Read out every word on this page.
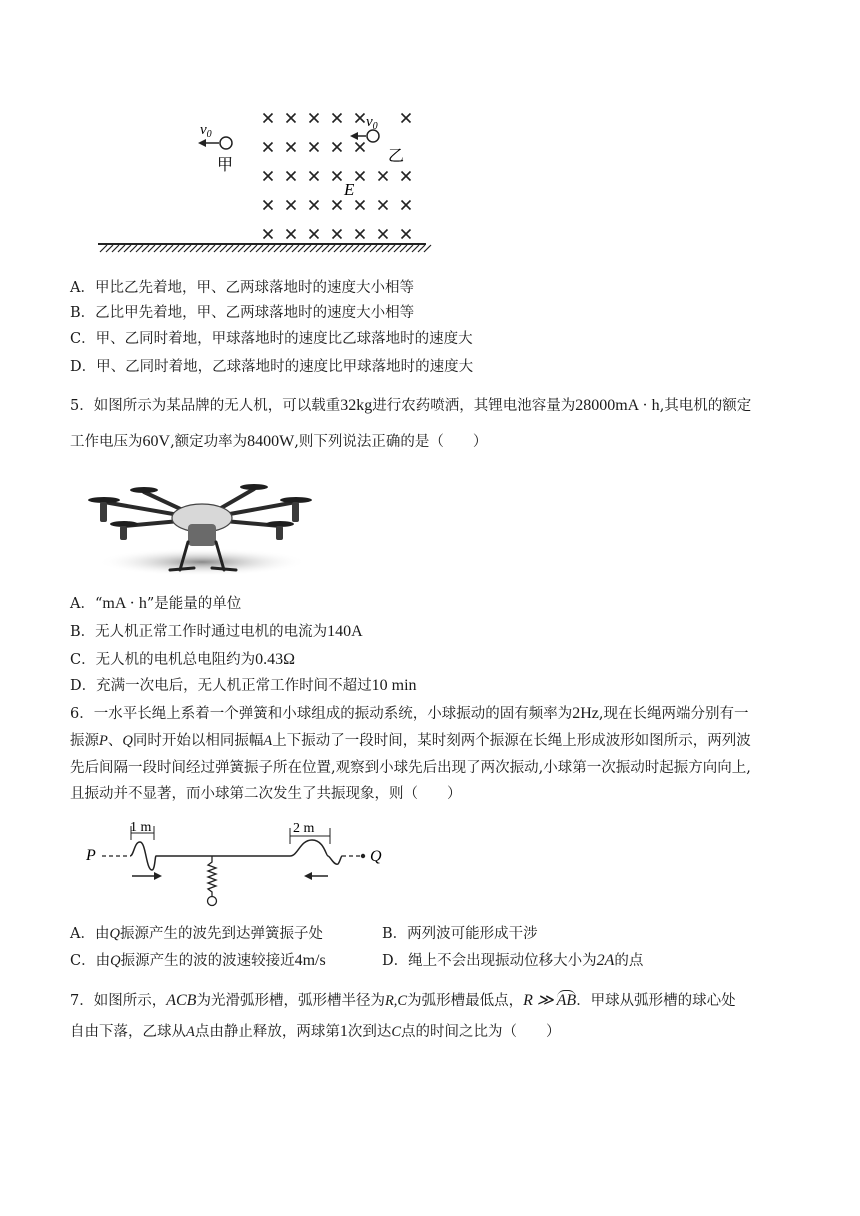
$v_0$
甲
$v_0$
乙
E
A．甲比乙先着地，甲、乙两球落地时的速度大小相等
B．乙比甲先着地，甲、乙两球落地时的速度大小相等
C．甲、乙同时着地，甲球落地时的速度比乙球落地时的速度大
D．甲、乙同时着地，乙球落地时的速度比甲球落地时的速度大
5．如图所示为某品牌的无人机，可以载重32kg进行农药喷洒，其锂电池容量为28000mA · h,其电机的额定
工作电压为60V,额定功率为8400W,则下列说法正确的是（　　）
A．“mA · h”是能量的单位
B．无人机正常工作时通过电机的电流为140A
C．无人机的电机总电阻约为0.43Ω
D．充满一次电后，无人机正常工作时间不超过10 min
6．一水平长绳上系着一个弹簧和小球组成的振动系统，小球振动的固有频率为2Hz,现在长绳两端分别有一
振源P、Q同时开始以相同振幅A上下振动了一段时间，某时刻两个振源在长绳上形成波形如图所示，两列波
先后间隔一段时间经过弹簧振子所在位置,观察到小球先后出现了两次振动,小球第一次振动时起振方向向上,
且振动并不显著，而小球第二次发生了共振现象，则（　　）
P	Q
1 m	2 m
A．由Q振源产生的波先到达弹簧振子处	B．两列波可能形成干涉
C．由Q振源产生的波的波速较接近4m/s	D．绳上不会出现振动位移大小为2A的点
7．如图所示，ACB为光滑弧形槽，弧形槽半径为R,C为弧形槽最低点，R ≫ AB．甲球从弧形槽的球心处
自由下落，乙球从A点由静止释放，两球第1次到达C点的时间之比为（　　）
